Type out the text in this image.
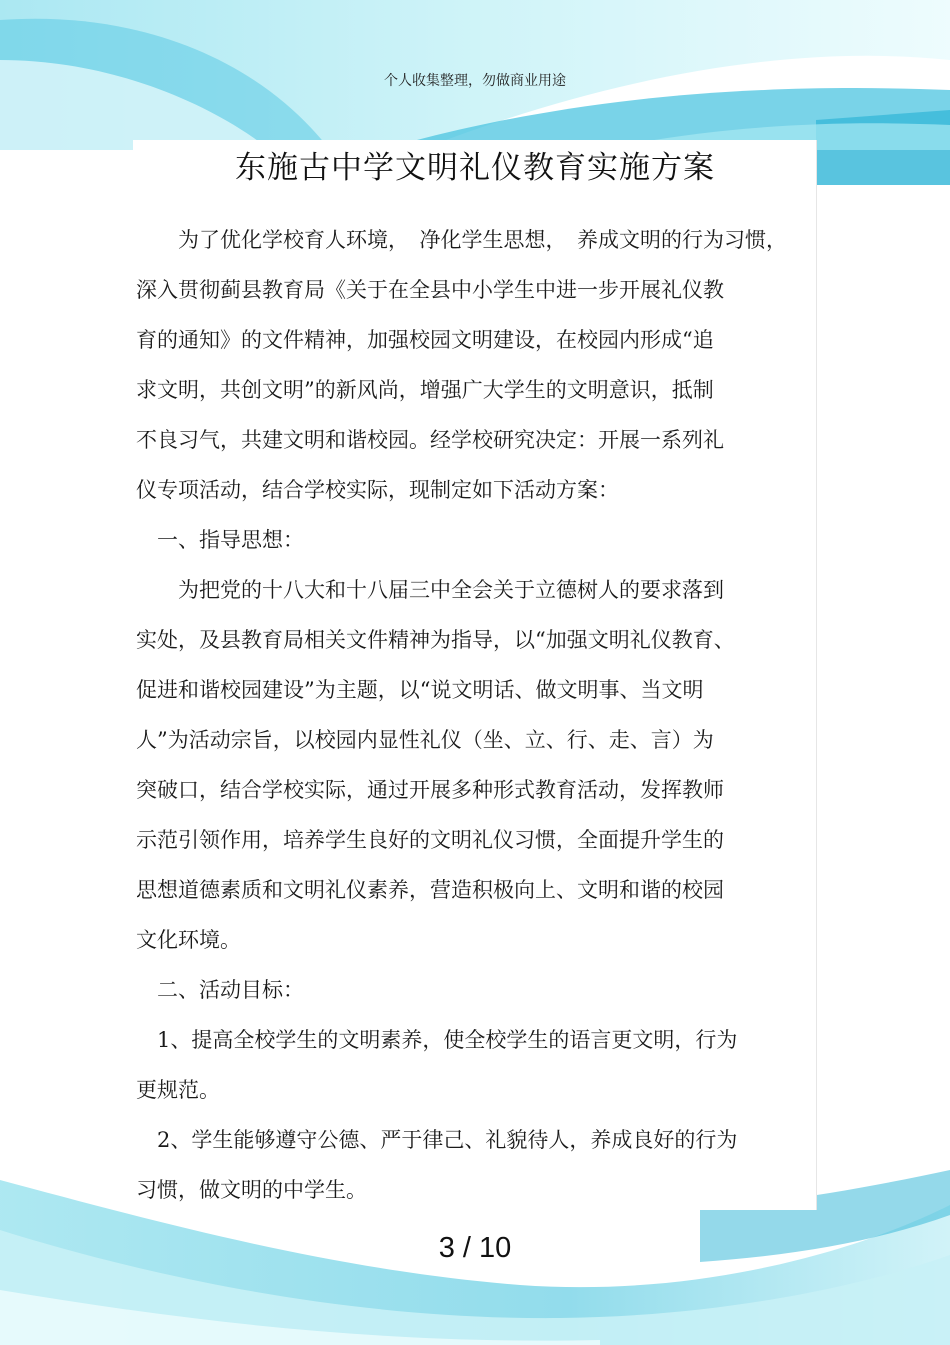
个人收集整理，勿做商业用途
东施古中学文明礼仪教育实施方案
　　为了优化学校育人环境，　净化学生思想，　养成文明的行为习惯，
深入贯彻蓟县教育局《关于在全县中小学生中进一步开展礼仪教
育的通知》的文件精神，加强校园文明建设，在校园内形成“追
求文明，共创文明”的新风尚，增强广大学生的文明意识，抵制
不良习气，共建文明和谐校园。经学校研究决定：开展一系列礼
仪专项活动，结合学校实际，现制定如下活动方案：
　一、指导思想：
　　为把党的十八大和十八届三中全会关于立德树人的要求落到
实处，及县教育局相关文件精神为指导，以“加强文明礼仪教育、
促进和谐校园建设”为主题，以“说文明话、做文明事、当文明
人”为活动宗旨，以校园内显性礼仪（坐、立、行、走、言）为
突破口，结合学校实际，通过开展多种形式教育活动，发挥教师
示范引领作用，培养学生良好的文明礼仪习惯，全面提升学生的
思想道德素质和文明礼仪素养，营造积极向上、文明和谐的校园
文化环境。
　二、活动目标：
　1、提高全校学生的文明素养，使全校学生的语言更文明，行为
更规范。
　2、学生能够遵守公德、严于律己、礼貌待人，养成良好的行为
习惯，做文明的中学生。
3 / 10
